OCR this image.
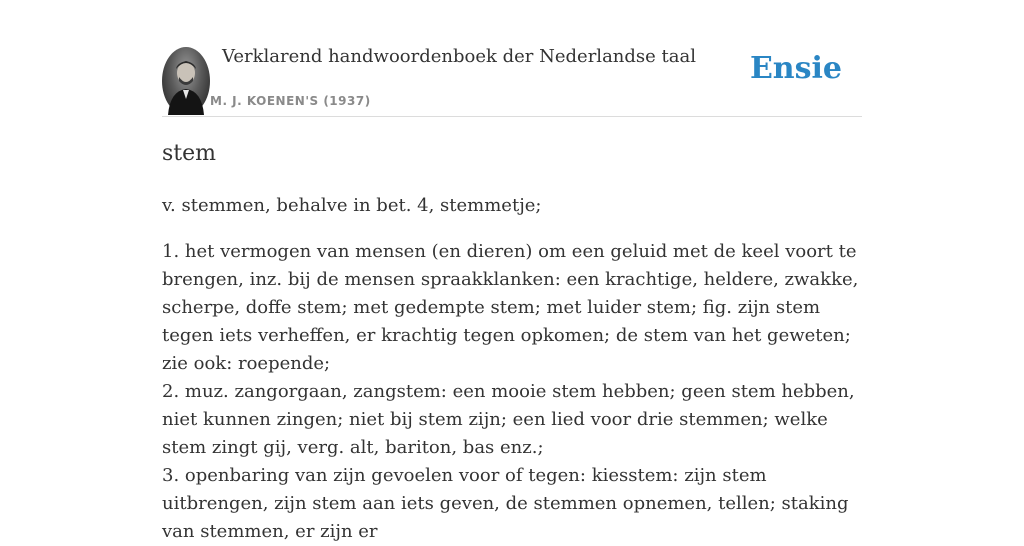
Verklarend handwoordenboek der Nederlandse taal
M. J. KOENEN'S (1937)
Ensie
stem

v. stemmen, behalve in bet. 4, stemmetje;

1. het vermogen van mensen (en dieren) om een geluid met de keel voort te brengen, inz. bij de mensen spraakklanken: een krachtige, heldere, zwakke, scherpe, doffe stem; met gedempte stem; met luider stem; fig. zijn stem tegen iets verheffen, er krachtig tegen opkomen; de stem van het geweten; zie ook: roepende;

2. muz. zangorgaan, zangstem: een mooie stem hebben; geen stem hebben, niet kunnen zingen; niet bij stem zijn; een lied voor drie stemmen; welke stem zingt gij, verg. alt, bariton, bas enz.;

3. openbaring van zijn gevoelen voor of tegen: kiesstem: zijn stem uitbrengen, zijn stem aan iets geven, de stemmen opnemen, tellen; staking van stemmen, er zijn er
